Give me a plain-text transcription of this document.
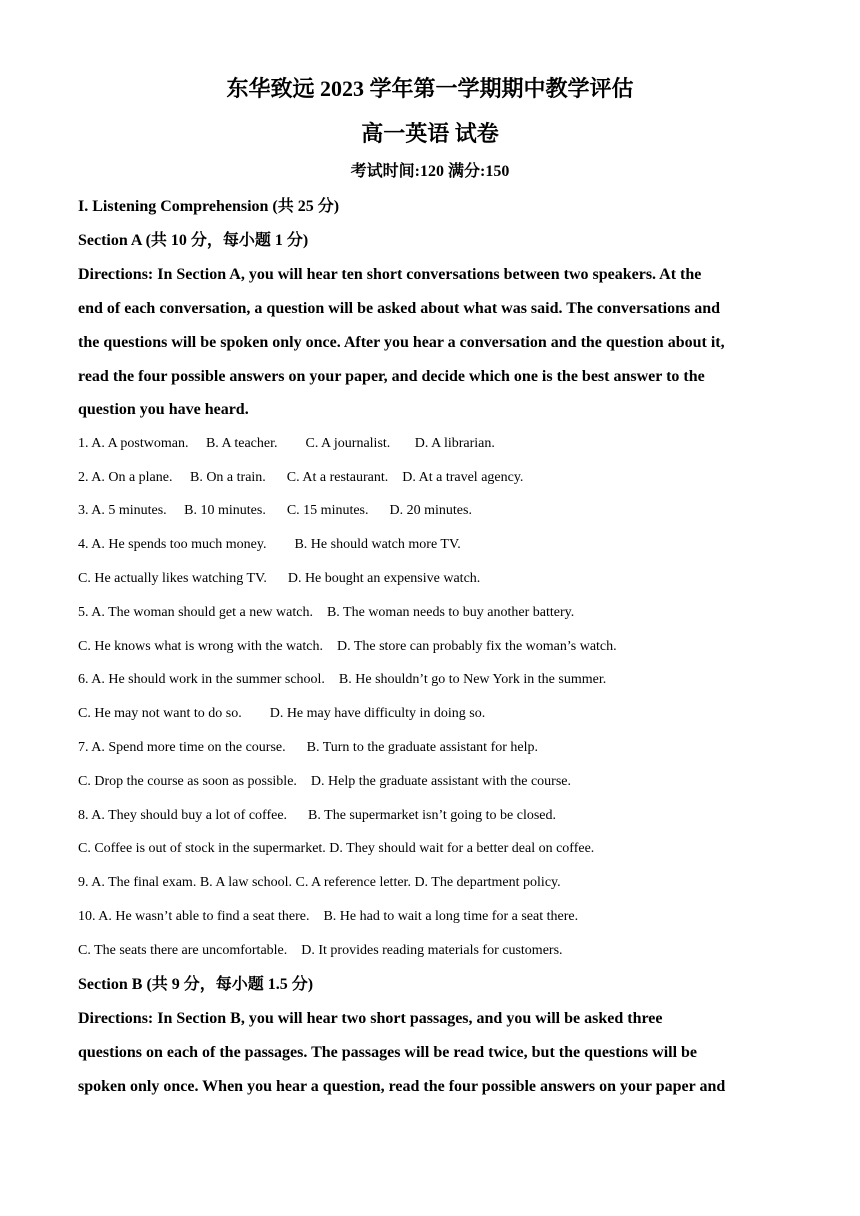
东华致远 2023 学年第一学期期中教学评估
高一英语 试卷
考试时间:120 满分:150
I. Listening Comprehension (共 25 分)
Section A (共 10 分，每小题 1 分)
Directions: In Section A, you will hear ten short conversations between two speakers. At the
end of each conversation, a question will be asked about what was said. The conversations and
the questions will be spoken only once. After you hear a conversation and the question about it,
read the four possible answers on your paper, and decide which one is the best answer to the
question you have heard.
1. A. A postwoman.     B. A teacher.        C. A journalist.       D. A librarian.
2. A. On a plane.     B. On a train.      C. At a restaurant.    D. At a travel agency.
3. A. 5 minutes.     B. 10 minutes.      C. 15 minutes.      D. 20 minutes.
4. A. He spends too much money.        B. He should watch more TV.
C. He actually likes watching TV.      D. He bought an expensive watch.
5. A. The woman should get a new watch.    B. The woman needs to buy another battery.
C. He knows what is wrong with the watch.    D. The store can probably fix the woman’s watch.
6. A. He should work in the summer school.    B. He shouldn’t go to New York in the summer.
C. He may not want to do so.        D. He may have difficulty in doing so.
7. A. Spend more time on the course.      B. Turn to the graduate assistant for help.
C. Drop the course as soon as possible.    D. Help the graduate assistant with the course.
8. A. They should buy a lot of coffee.      B. The supermarket isn’t going to be closed.
C. Coffee is out of stock in the supermarket. D. They should wait for a better deal on coffee.
9. A. The final exam. B. A law school. C. A reference letter. D. The department policy.
10. A. He wasn’t able to find a seat there.    B. He had to wait a long time for a seat there.
C. The seats there are uncomfortable.    D. It provides reading materials for customers.
Section B (共 9 分，每小题 1.5 分)
Directions: In Section B, you will hear two short passages, and you will be asked three
questions on each of the passages. The passages will be read twice, but the questions will be
spoken only once. When you hear a question, read the four possible answers on your paper and
